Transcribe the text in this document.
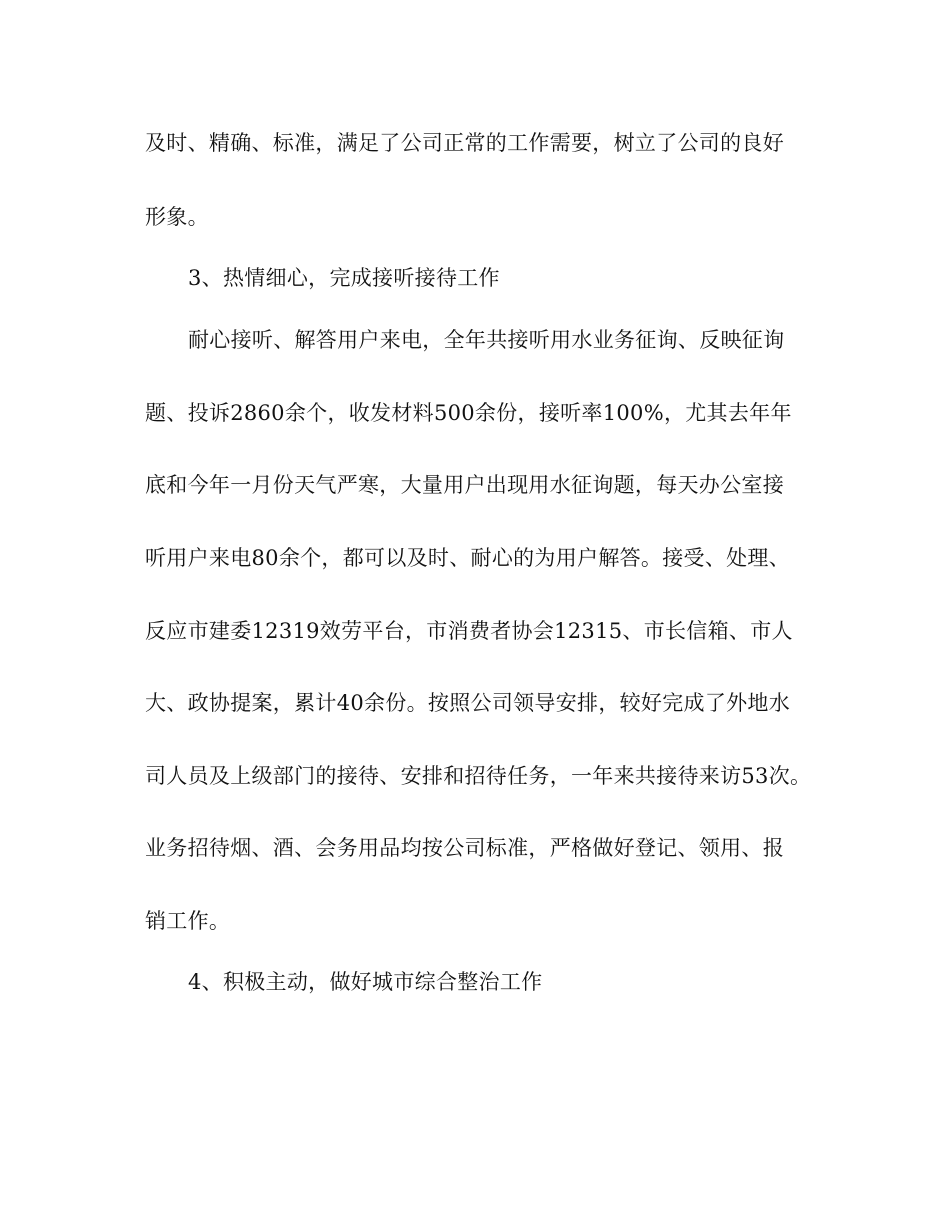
及时、精确、标准，满足了公司正常的工作需要，树立了公司的良好
形象。
3、热情细心，完成接听接待工作
耐心接听、解答用户来电，全年共接听用水业务征询、反映征询
题、投诉2860余个，收发材料500余份，接听率100%，尤其去年年
底和今年一月份天气严寒，大量用户出现用水征询题，每天办公室接
听用户来电80余个，都可以及时、耐心的为用户解答。接受、处理、
反应市建委12319效劳平台，市消费者协会12315、市长信箱、市人
大、政协提案，累计40余份。按照公司领导安排，较好完成了外地水
司人员及上级部门的接待、安排和招待任务，一年来共接待来访53次。
业务招待烟、酒、会务用品均按公司标准，严格做好登记、领用、报
销工作。
4、积极主动，做好城市综合整治工作
